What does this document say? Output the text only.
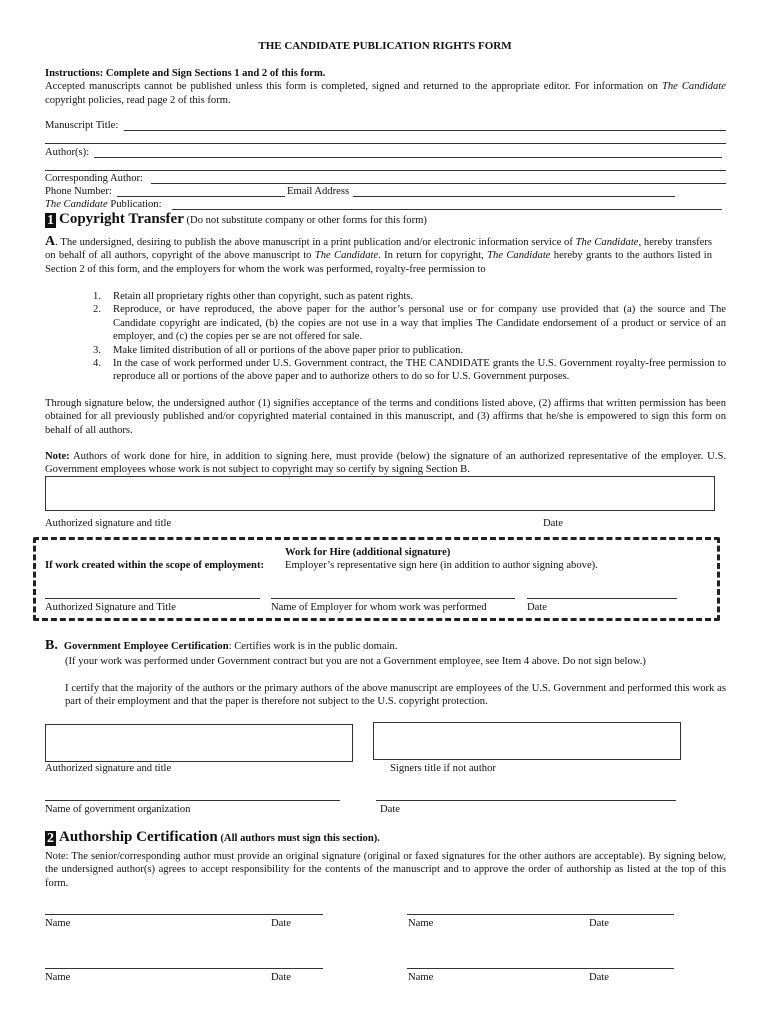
THE CANDIDATE PUBLICATION RIGHTS FORM
Instructions: Complete and Sign Sections 1 and 2 of this form.
Accepted manuscripts cannot be published unless this form is completed, signed and returned to the appropriate editor. For information on The Candidate copyright policies, read page 2 of this form.
Manuscript Title:
Author(s):
Corresponding Author:
Phone Number:	Email Address
The Candidate Publication:
1 Copyright Transfer (Do not substitute company or other forms for this form)
A. The undersigned, desiring to publish the above manuscript in a print publication and/or electronic information service of The Candidate, hereby transfers on behalf of all authors, copyright of the above manuscript to The Candidate. In return for copyright, The Candidate hereby grants to the authors listed in Section 2 of this form, and the employers for whom the work was performed, royalty-free permission to
1. Retain all proprietary rights other than copyright, such as patent rights.
2. Reproduce, or have reproduced, the above paper for the author’s personal use or for company use provided that (a) the source and The Candidate copyright are indicated, (b) the copies are not use in a way that implies The Candidate endorsement of a product or service of an employer, and (c) the copies per se are not offered for sale.
3. Make limited distribution of all or portions of the above paper prior to publication.
4. In the case of work performed under U.S. Government contract, the THE CANDIDATE grants the U.S. Government royalty-free permission to reproduce all or portions of the above paper and to authorize others to do so for U.S. Government purposes.
Through signature below, the undersigned author (1) signifies acceptance of the terms and conditions listed above, (2) affirms that written permission has been obtained for all previously published and/or copyrighted material contained in this manuscript, and (3) affirms that he/she is empowered to sign this form on behalf of all authors.
Note: Authors of work done for hire, in addition to signing here, must provide (below) the signature of an authorized representative of the employer. U.S. Government employees whose work is not subject to copyright may so certify by signing Section B.
Authorized signature and title	Date
Work for Hire (additional signature)
If work created within the scope of employment: Employer’s representative sign here (in addition to author signing above).
Authorized Signature and Title	Name of Employer for whom work was performed	Date
B. Government Employee Certification: Certifies work is in the public domain.
(If your work was performed under Government contract but you are not a Government employee, see Item 4 above. Do not sign below.)
I certify that the majority of the authors or the primary authors of the above manuscript are employees of the U.S. Government and performed this work as part of their employment and that the paper is therefore not subject to the U.S. copyright protection.
Authorized signature and title	Signers title if not author
Name of government organization	Date
2 Authorship Certification (All authors must sign this section).
Note: The senior/corresponding author must provide an original signature (original or faxed signatures for the other authors are acceptable). By signing below, the undersigned author(s) agrees to accept responsibility for the contents of the manuscript and to approve the order of authorship as listed at the top of this form.
Name	Date	Name	Date
Name	Date	Name	Date
